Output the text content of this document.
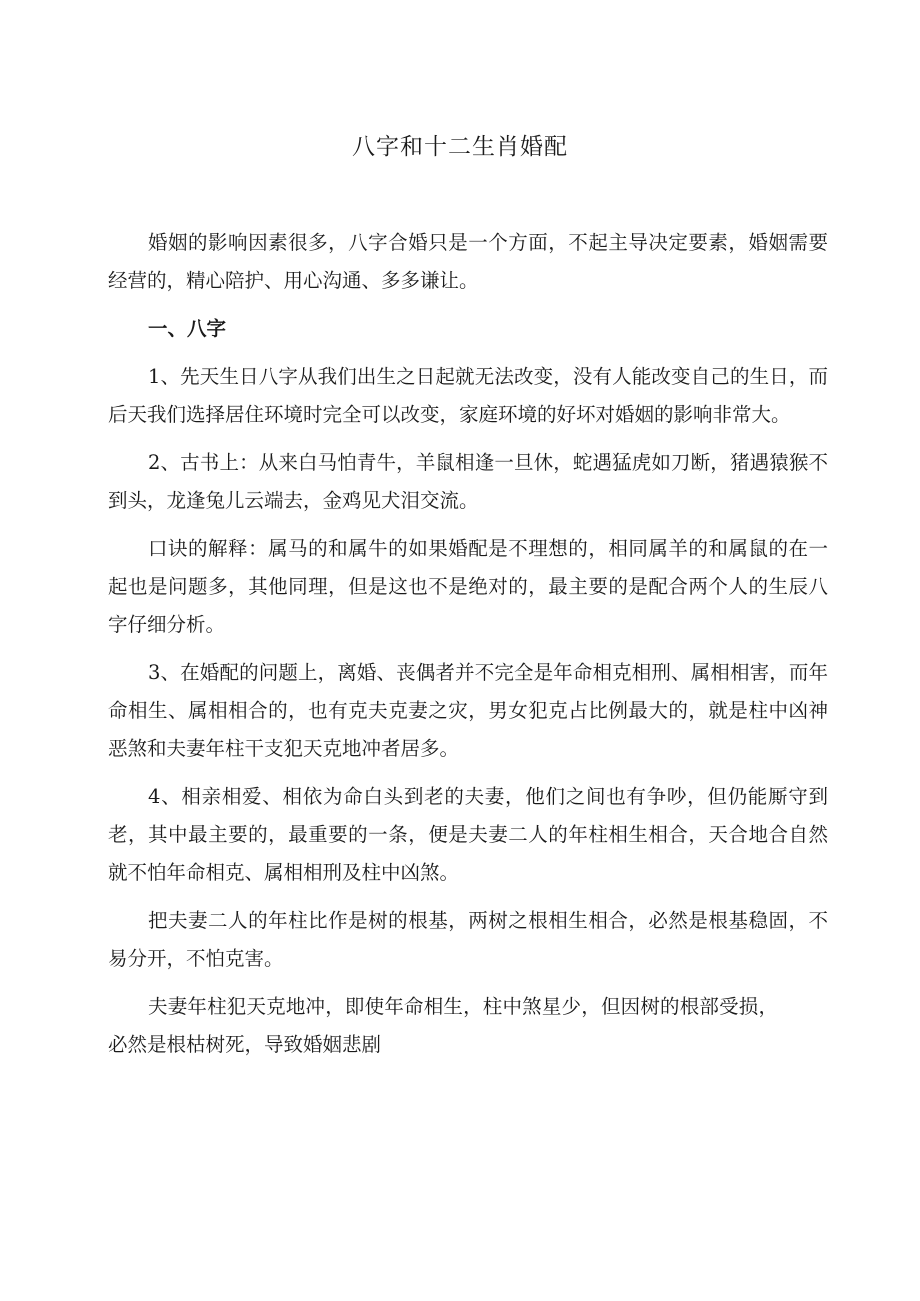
八字和十二生肖婚配

婚姻的影响因素很多，八字合婚只是一个方面，不起主导决定要素，婚姻需要经营的，精心陪护、用心沟通、多多谦让。

一、八字

1、先天生日八字从我们出生之日起就无法改变，没有人能改变自己的生日，而后天我们选择居住环境时完全可以改变，家庭环境的好坏对婚姻的影响非常大。

2、古书上：从来白马怕青牛，羊鼠相逢一旦休，蛇遇猛虎如刀断，猪遇猿猴不到头，龙逢兔儿云端去，金鸡见犬泪交流。

口诀的解释：属马的和属牛的如果婚配是不理想的，相同属羊的和属鼠的在一起也是问题多，其他同理，但是这也不是绝对的，最主要的是配合两个人的生辰八字仔细分析。

3、在婚配的问题上，离婚、丧偶者并不完全是年命相克相刑、属相相害，而年命相生、属相相合的，也有克夫克妻之灾，男女犯克占比例最大的，就是柱中凶神恶煞和夫妻年柱干支犯天克地冲者居多。

4、相亲相爱、相依为命白头到老的夫妻，他们之间也有争吵，但仍能厮守到老，其中最主要的，最重要的一条，便是夫妻二人的年柱相生相合，天合地合自然就不怕年命相克、属相相刑及柱中凶煞。

把夫妻二人的年柱比作是树的根基，两树之根相生相合，必然是根基稳固，不易分开，不怕克害。

夫妻年柱犯天克地冲，即使年命相生，柱中煞星少，但因树的根部受损，必然是根枯树死，导致婚姻悲剧
